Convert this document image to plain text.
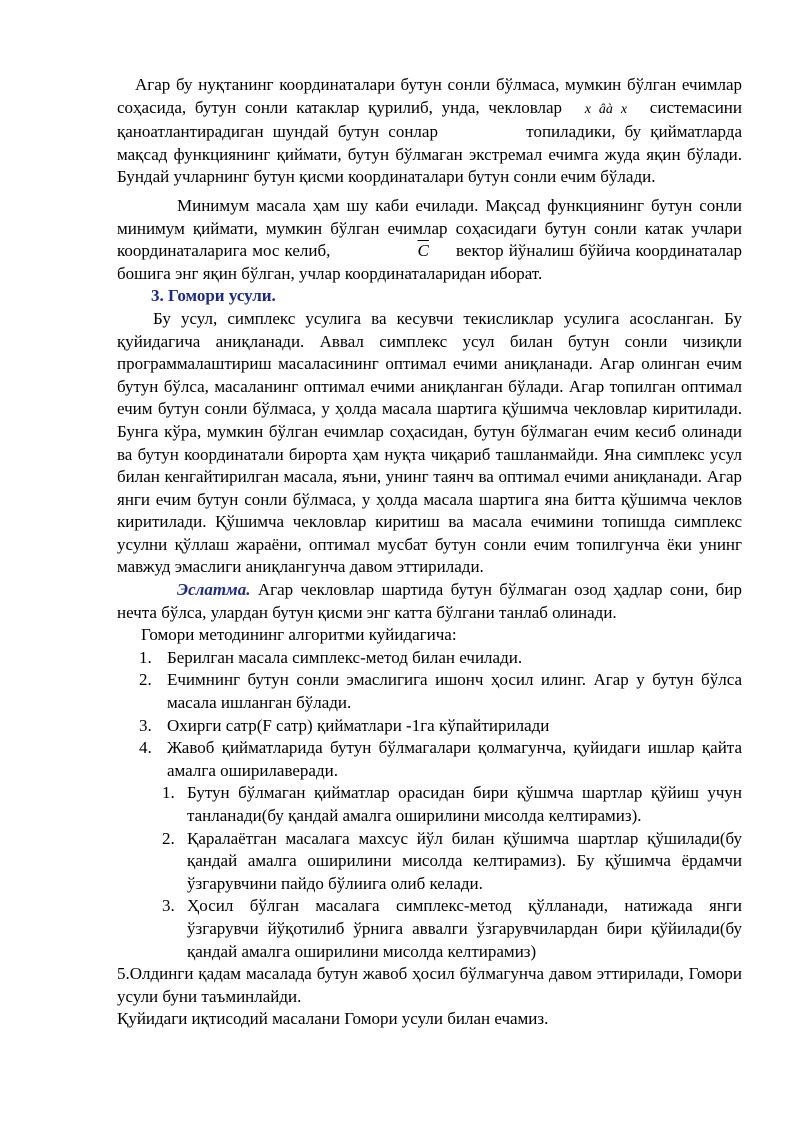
Агар бу нуқтанинг координаталари бутун сонли бўлмаса, мумкин бўлган ечимлар соҳасида, бутун сонли катаклар қурилиб, унда, чекловлар x âà x системасини қаноатлантирадиган шундай бутун сонлар	топиладики, бу қийматларда мақсад функциянинг қиймати, бутун бўлмаган экстремал ечимга жуда яқин бўлади. Бундай учларнинг бутун қисми координаталари бутун сонли ечим бўлади.

Минимум масала ҳам шу каби ечилади. Мақсад функциянинг бутун сонли минимум қиймати, мумкин бўлган ечимлар соҳасидаги бутун сонли катак учлари координаталарига мос келиб,	$\overline{C}$ вектор йўналиш бўйича координаталар бошига энг яқин бўлган, учлар координаталаридан иборат.

3. Гомори усули.

Бу усул, симплекс усулига ва кесувчи текисликлар усулига асосланган. Бу қуйидагича аниқланади. Аввал симплекс усул билан бутун сонли чизиқли программалаштириш масаласининг оптимал ечими аниқланади. Агар олинган ечим бутун бўлса, масаланинг оптимал ечими аниқланган бўлади. Агар топилган оптимал ечим бутун сонли бўлмаса, у ҳолда масала шартига қўшимча чекловлар киритилади. Бунга кўра, мумкин бўлган ечимлар соҳасидан, бутун бўлмаган ечим кесиб олинади ва бутун координатали бирорта ҳам нуқта чиқариб ташланмайди. Яна симплекс усул билан кенгайтирилган масала, яъни, унинг таянч ва оптимал ечими аниқланади. Агар янги ечим бутун сонли бўлмаса, у ҳолда масала шартига яна битта қўшимча чеклов киритилади. Қўшимча чекловлар киритиш ва масала ечимини топишда симплекс усулни қўллаш жараёни, оптимал мусбат бутун сонли ечим топилгунча ёки унинг мавжуд эмаслиги аниқлангунча давом эттирилади.

Эслатма. Агар чекловлар шартида бутун бўлмаган озод ҳадлар сони, бир нечта бўлса, улардан бутун қисми энг катта бўлгани танлаб олинади.

Гомори методининг алгоритми куйидагича:

1. Берилган масала симплекс-метод билан ечилади.
2. Ечимнинг бутун сонли эмаслигига ишонч ҳосил илинг. Агар у бутун бўлса масала ишланган бўлади.
3. Охирги сатр(F сатр) қийматлари -1га кўпайтирилади
4. Жавоб қийматларида бутун бўлмагалари қолмагунча, қуйидаги ишлар қайта амалга оширилаверади.
1. Бутун бўлмаган қийматлар орасидан бири қўшмча шартлар қўйиш учун танланади(бу қандай амалга оширилини мисолда келтирамиз).
2. Қаралаётган масалага махсус йўл билан қўшимча шартлар қўшилади(бу қандай амалга оширилини мисолда келтирамиз). Бу қўшимча ёрдамчи ўзгарувчини пайдо бўлиига олиб келади.
3. Ҳосил бўлган масалага симплекс-метод қўлланади, натижада янги ўзгарувчи йўқотилиб ўрнига аввалги ўзгарувчилардан бири қўйилади(бу қандай амалга оширилини мисолда келтирамиз)

5.Олдинги қадам масалада бутун жавоб ҳосил бўлмагунча давом эттирилади, Гомори усули буни таъминлайди.

Қуйидаги иқтисодий масалани Гомори усули билан ечамиз.
